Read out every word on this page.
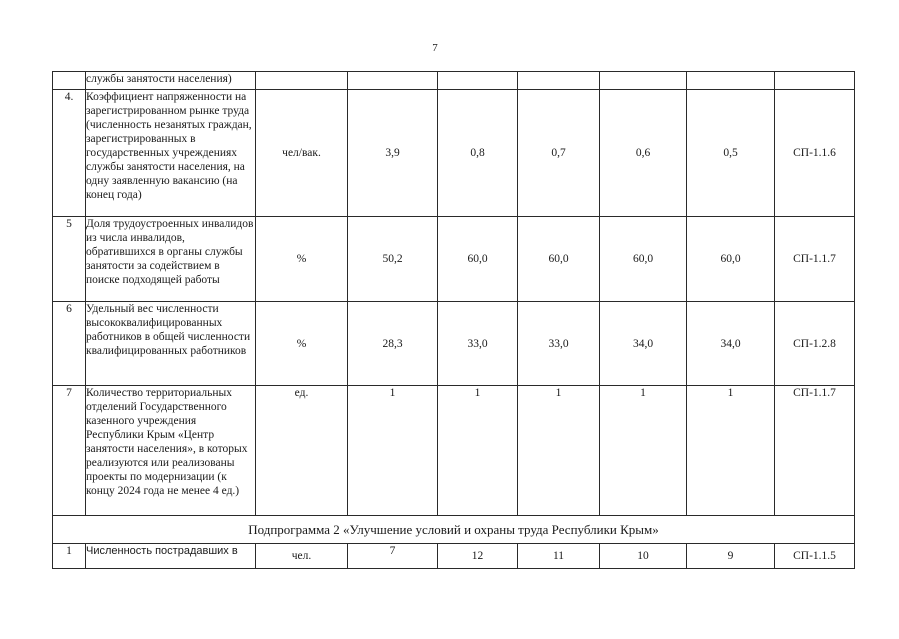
7
	службы занятости населения)							
4.	Коэффициент напряженности на зарегистрированном рынке труда (численность незанятых граждан, зарегистрированных в государственных учреждениях службы занятости населения, на одну заявленную вакансию (на конец года)	чел/вак.	3,9	0,8	0,7	0,6	0,5	СП-1.1.6
5	Доля трудоустроенных инвалидов из числа инвалидов, обратившихся в органы службы занятости за содействием в поиске подходящей работы	%	50,2	60,0	60,0	60,0	60,0	СП-1.1.7
6	Удельный вес численности высококвалифицированных работников в общей численности квалифицированных работников	%	28,3	33,0	33,0	34,0	34,0	СП-1.2.8
7	Количество территориальных отделений Государственного казенного учреждения Республики Крым «Центр занятости населения», в которых реализуются или реализованы проекты по модернизации (к концу 2024 года не менее 4 ед.)	ед.	1	1	1	1	1	СП-1.1.7
Подпрограмма 2 «Улучшение условий и охраны труда Республики Крым»								
1	Численность пострадавших в	чел.	7	12	11	10	9	СП-1.1.5
